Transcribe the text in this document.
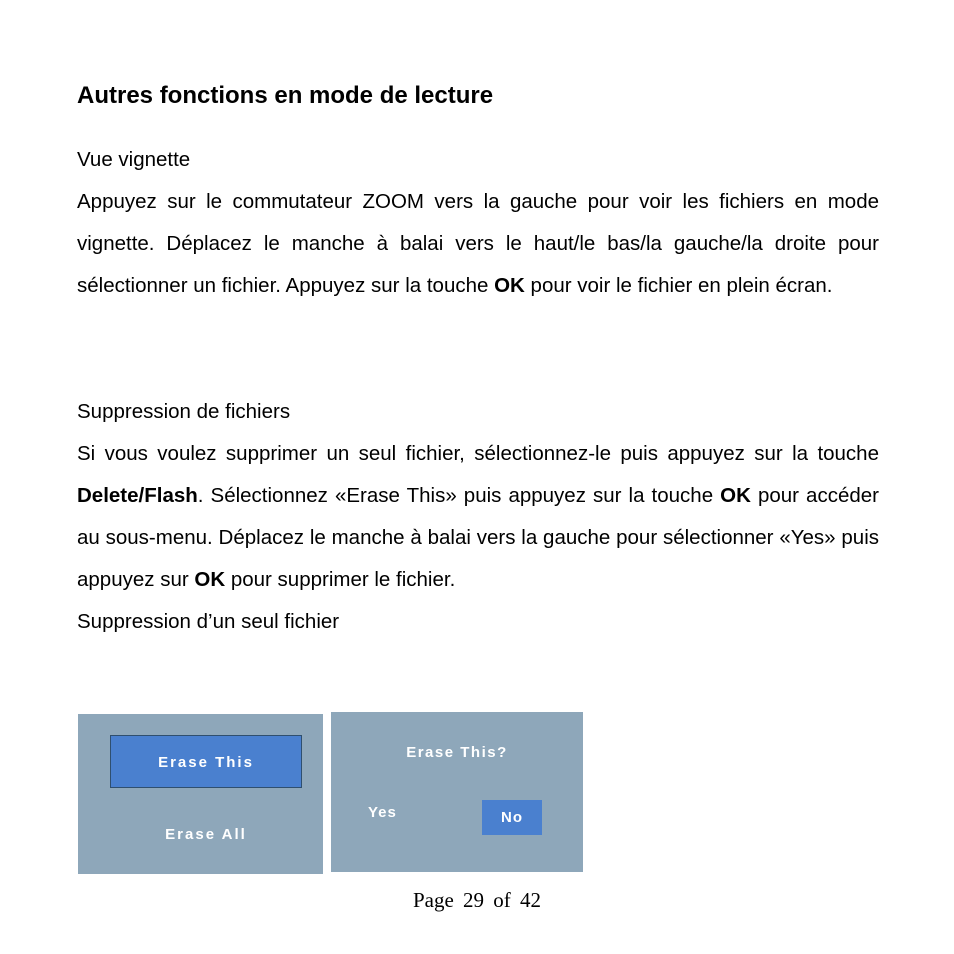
Autres fonctions en mode de lecture

Vue vignette

Appuyez sur le commutateur ZOOM vers la gauche pour voir les fichiers en mode vignette. Déplacez le manche à balai vers le haut/le bas/la gauche/la droite pour sélectionner un fichier. Appuyez sur la touche OK pour voir le fichier en plein écran.

Suppression de fichiers

Si vous voulez supprimer un seul fichier, sélectionnez-le puis appuyez sur la touche Delete/Flash. Sélectionnez «Erase This» puis appuyez sur la touche OK pour accéder au sous-menu. Déplacez le manche à balai vers la gauche pour sélectionner «Yes» puis appuyez sur OK pour supprimer le fichier.

Suppression d’un seul fichier

Erase This
Erase All
Erase This?
Yes	No
Page 29 of 42
